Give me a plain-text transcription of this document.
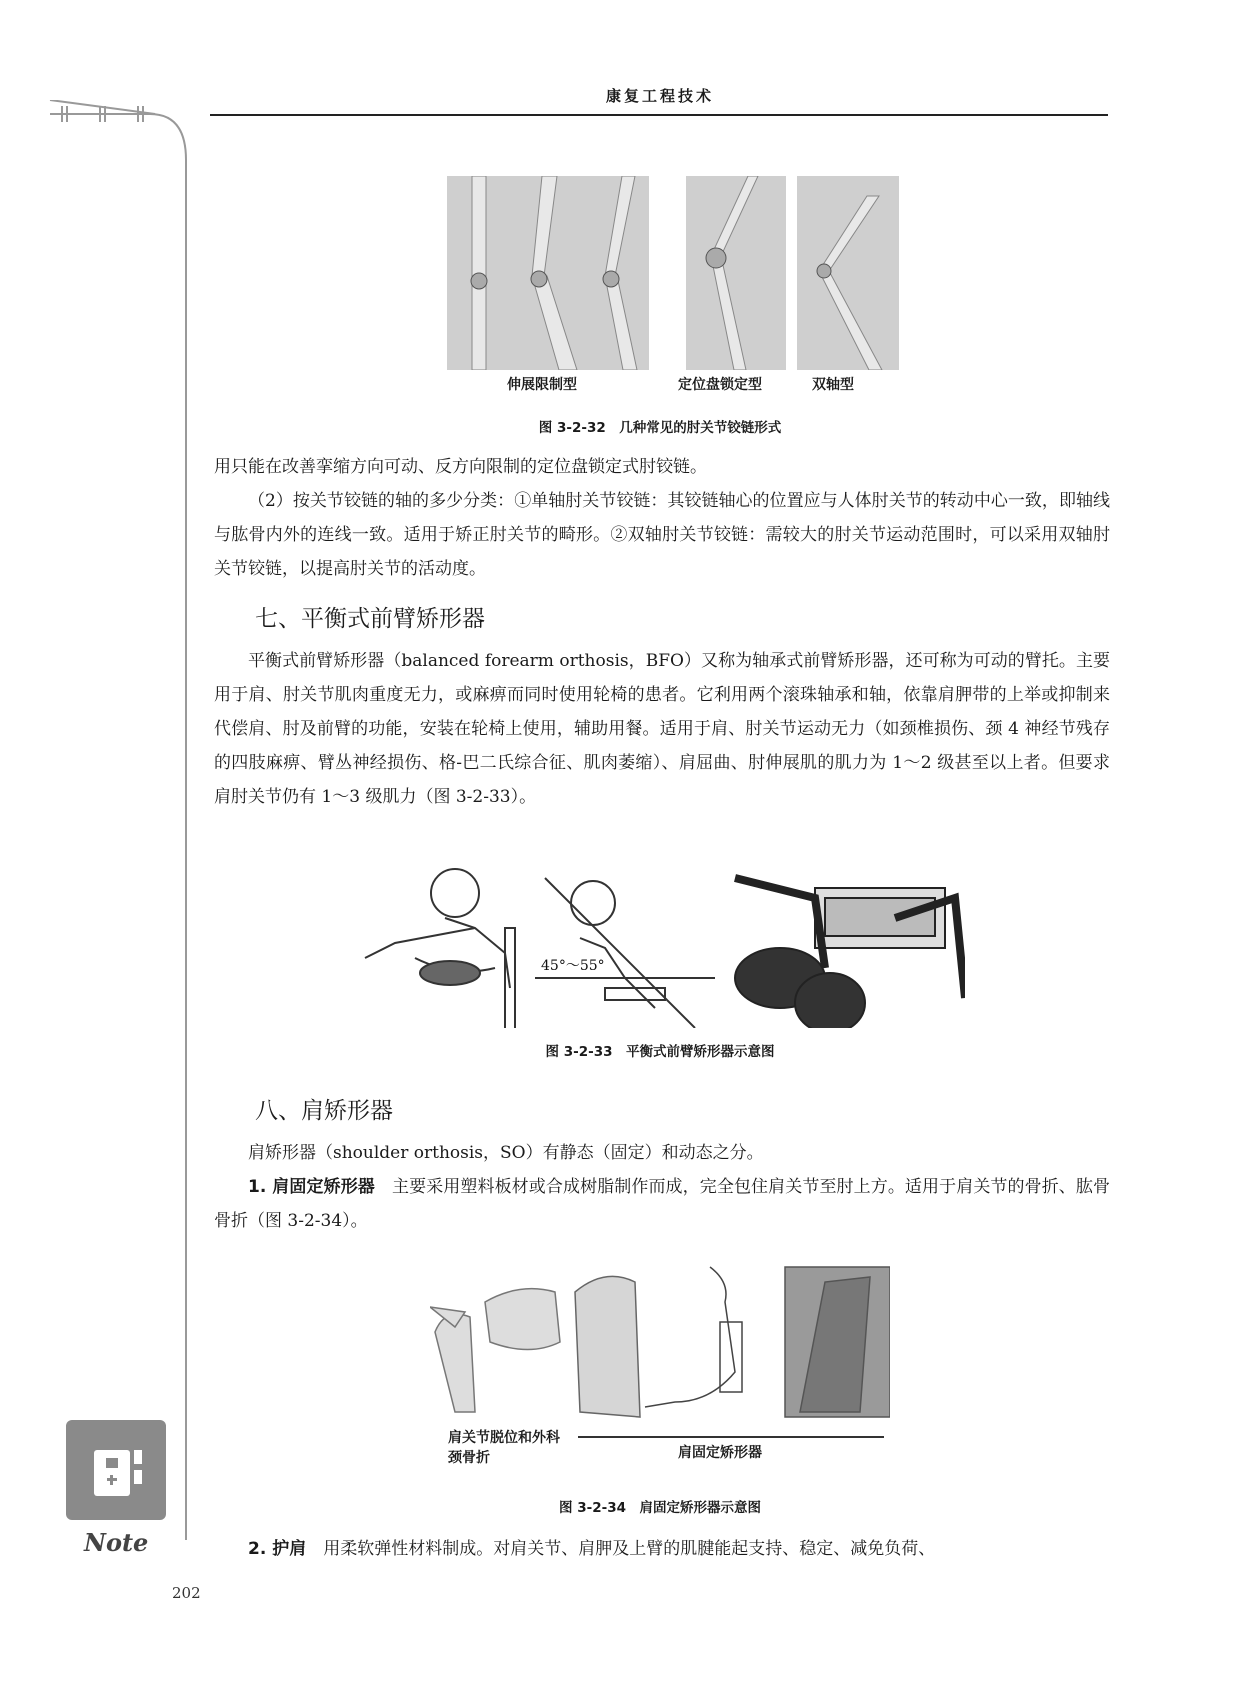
康复工程技术
伸展限制型	定位盘锁定型	双轴型
图 3-2-32　几种常见的肘关节铰链形式

用只能在改善挛缩方向可动、反方向限制的定位盘锁定式肘铰链。

（2）按关节铰链的轴的多少分类：①单轴肘关节铰链：其铰链轴心的位置应与人体肘关节的转动中心一致，即轴线与肱骨内外的连线一致。适用于矫正肘关节的畸形。②双轴肘关节铰链：需较大的肘关节运动范围时，可以采用双轴肘关节铰链，以提高肘关节的活动度。

七、平衡式前臂矫形器

平衡式前臂矫形器（balanced forearm orthosis，BFO）又称为轴承式前臂矫形器，还可称为可动的臂托。主要用于肩、肘关节肌肉重度无力，或麻痹而同时使用轮椅的患者。它利用两个滚珠轴承和轴，依靠肩胛带的上举或抑制来代偿肩、肘及前臂的功能，安装在轮椅上使用，辅助用餐。适用于肩、肘关节运动无力（如颈椎损伤、颈 4 神经节残存的四肢麻痹、臂丛神经损伤、格-巴二氏综合征、肌肉萎缩）、肩屈曲、肘伸展肌的肌力为 1～2 级甚至以上者。但要求肩肘关节仍有 1～3 级肌力（图 3-2-33）。

45°～55°
图 3-2-33　平衡式前臂矫形器示意图
八、肩矫形器

肩矫形器（shoulder orthosis，SO）有静态（固定）和动态之分。

1. 肩固定矫形器　 主要采用塑料板材或合成树脂制作而成，完全包住肩关节至肘上方。适用于肩关节的骨折、肱骨骨折（图 3-2-34）。

肩关节脱位和外科颈骨折	肩固定矫形器
图 3-2-34　肩固定矫形器示意图

2. 护肩　 用柔软弹性材料制成。对肩关节、肩胛及上臂的肌腱能起支持、稳定、减免负荷、

Note
202
